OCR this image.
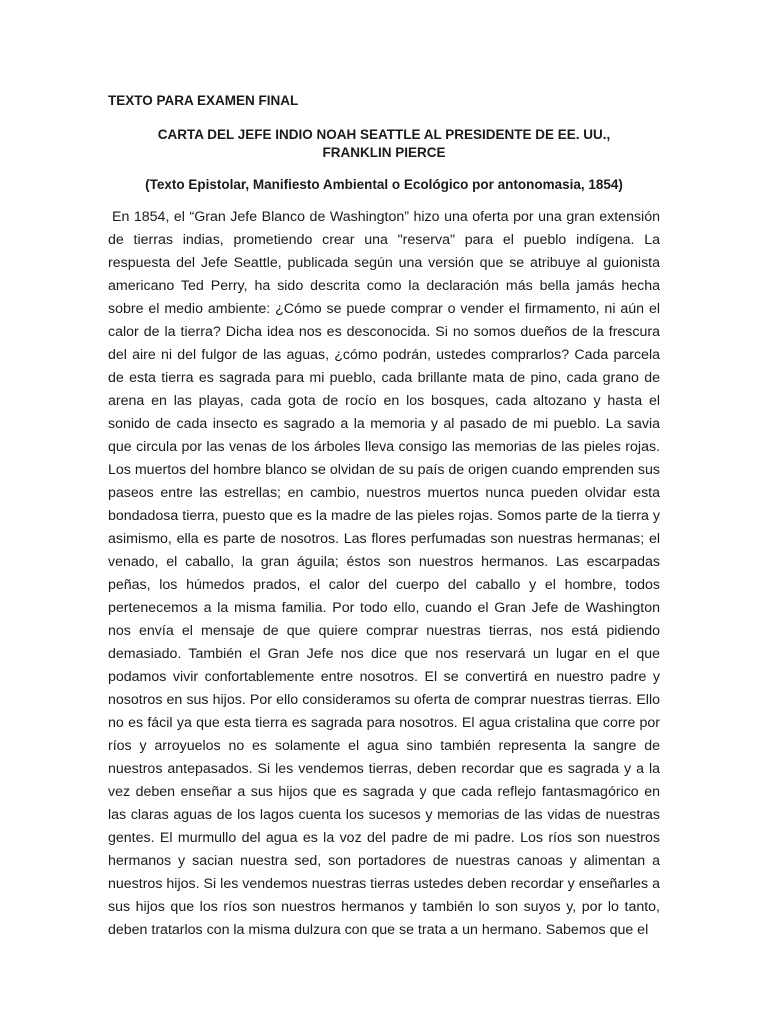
TEXTO PARA EXAMEN FINAL

CARTA DEL JEFE INDIO NOAH SEATTLE AL PRESIDENTE DE EE. UU.,
FRANKLIN PIERCE
(Texto Epistolar, Manifiesto Ambiental o Ecológico por antonomasia, 1854)

En 1854, el “Gran Jefe Blanco de Washington” hizo una oferta por una gran extensión de tierras indias, prometiendo crear una "reserva" para el pueblo indígena. La respuesta del Jefe Seattle, publicada según una versión que se atribuye al guionista americano Ted Perry, ha sido descrita como la declaración más bella jamás hecha sobre el medio ambiente: ¿Cómo se puede comprar o vender el firmamento, ni aún el calor de la tierra? Dicha idea nos es desconocida. Si no somos dueños de la frescura del aire ni del fulgor de las aguas, ¿cómo podrán, ustedes comprarlos? Cada parcela de esta tierra es sagrada para mi pueblo, cada brillante mata de pino, cada grano de arena en las playas, cada gota de rocío en los bosques, cada altozano y hasta el sonido de cada insecto es sagrado a la memoria y al pasado de mi pueblo. La savia que circula por las venas de los árboles lleva consigo las memorias de las pieles rojas. Los muertos del hombre blanco se olvidan de su país de origen cuando emprenden sus paseos entre las estrellas; en cambio, nuestros muertos nunca pueden olvidar esta bondadosa tierra, puesto que es la madre de las pieles rojas. Somos parte de la tierra y asimismo, ella es parte de nosotros. Las flores perfumadas son nuestras hermanas; el venado, el caballo, la gran águila; éstos son nuestros hermanos. Las escarpadas peñas, los húmedos prados, el calor del cuerpo del caballo y el hombre, todos pertenecemos a la misma familia. Por todo ello, cuando el Gran Jefe de Washington nos envía el mensaje de que quiere comprar nuestras tierras, nos está pidiendo demasiado. También el Gran Jefe nos dice que nos reservará un lugar en el que podamos vivir confortablemente entre nosotros. El se convertirá en nuestro padre y nosotros en sus hijos. Por ello consideramos su oferta de comprar nuestras tierras. Ello no es fácil ya que esta tierra es sagrada para nosotros. El agua cristalina que corre por ríos y arroyuelos no es solamente el agua sino también representa la sangre de nuestros antepasados. Si les vendemos tierras, deben recordar que es sagrada y a la vez deben enseñar a sus hijos que es sagrada y que cada reflejo fantasmagórico en las claras aguas de los lagos cuenta los sucesos y memorias de las vidas de nuestras gentes. El murmullo del agua es la voz del padre de mi padre. Los ríos son nuestros hermanos y sacian nuestra sed, son portadores de nuestras canoas y alimentan a nuestros hijos. Si les vendemos nuestras tierras ustedes deben recordar y enseñarles a sus hijos que los ríos son nuestros hermanos y también lo son suyos y, por lo tanto, deben tratarlos con la misma dulzura con que se trata a un hermano. Sabemos que el
